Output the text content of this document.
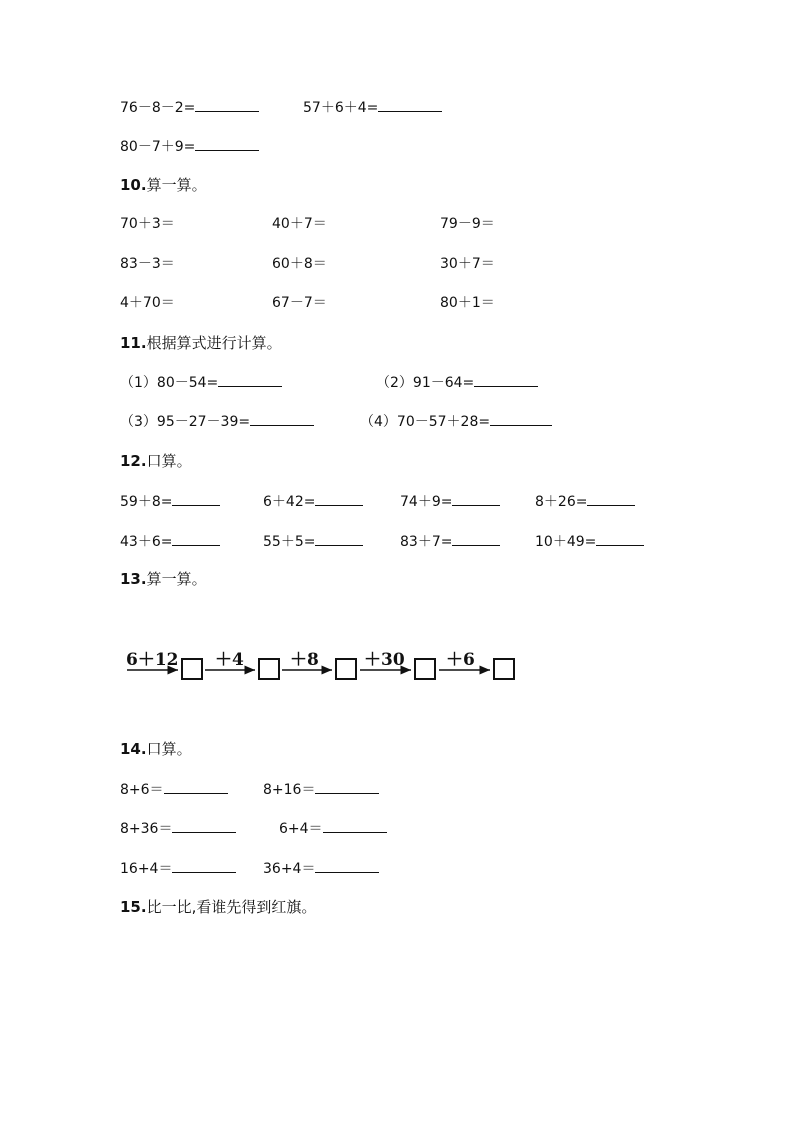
76－8－2=	57＋6＋4=
80－7＋9=
10.算一算。
70＋3＝	40＋7＝	79－9＝
83－3＝	60＋8＝	30＋7＝
4＋70＝	67－7＝	80＋1＝
11.根据算式进行计算。
（1）80－54=	（2）91－64=
（3）95－27－39=	（4）70－57＋28=
12.口算。
59＋8=	6＋42=	74＋9=	8＋26=
43＋6=	55＋5=	83＋7=	10＋49=
13.算一算。
6＋12 ＋4	＋8	＋30 ＋6
14.口算。
8+6＝	8+16＝
8+36＝	6+4＝
16+4＝	36+4＝
15.比一比,看谁先得到红旗。
